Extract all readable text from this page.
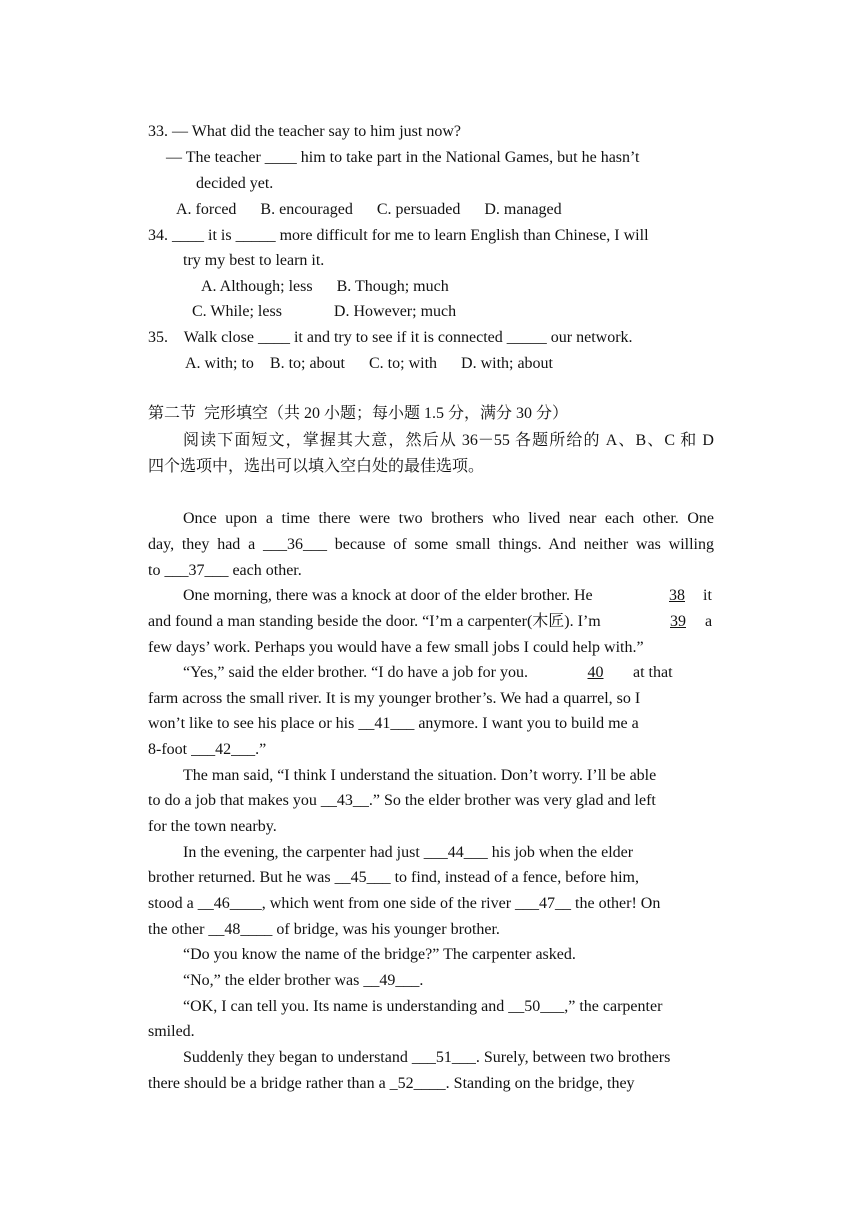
33. — What did the teacher say to him just now?
— The teacher ____ him to take part in the National Games, but he hasn’t
decided yet.
A. forced      B. encouraged      C. persuaded      D. managed
34. ____ it is _____ more difficult for me to learn English than Chinese, I will
try my best to learn it.
A. Although; less      B. Though; much
C. While; less             D. However; much
35.    Walk close ____ it and try to see if it is connected _____ our network.
A. with; to    B. to; about      C. to; with      D. with; about
第二节  完形填空（共 20 小题；每小题 1.5 分，满分 30 分）
阅读下面短文，掌握其大意，然后从 36－55 各题所给的 A、B、C 和 D
四个选项中，选出可以填入空白处的最佳选项。
Once upon a time there were two brothers who lived near each other. One
day, they had a ___36___ because of some small things. And neither was willing
to ___37___ each other.
One morning, there was a knock at door of the elder brother. He	38	it
and found a man standing beside the door. “I’m a carpenter(木匠). I’m	39	a
few days’ work. Perhaps you would have a few small jobs I could help with.”
“Yes,” said the elder brother. “I do have a job for you.	40	at that
farm across the small river. It is my younger brother’s. We had a quarrel, so I
won’t like to see his place or his __41___ anymore. I want you to build me a
8-foot ___42___.”
The man said, “I think I understand the situation. Don’t worry. I’ll be able
to do a job that makes you __43__.” So the elder brother was very glad and left
for the town nearby.
In the evening, the carpenter had just ___44___ his job when the elder
brother returned. But he was __45___ to find, instead of a fence, before him,
stood a __46____, which went from one side of the river ___47__ the other! On
the other __48____ of bridge, was his younger brother.
“Do you know the name of the bridge?” The carpenter asked.
“No,” the elder brother was __49___.
“OK, I can tell you. Its name is understanding and __50___,” the carpenter
smiled.
Suddenly they began to understand ___51___. Surely, between two brothers
there should be a bridge rather than a _52____. Standing on the bridge, they
